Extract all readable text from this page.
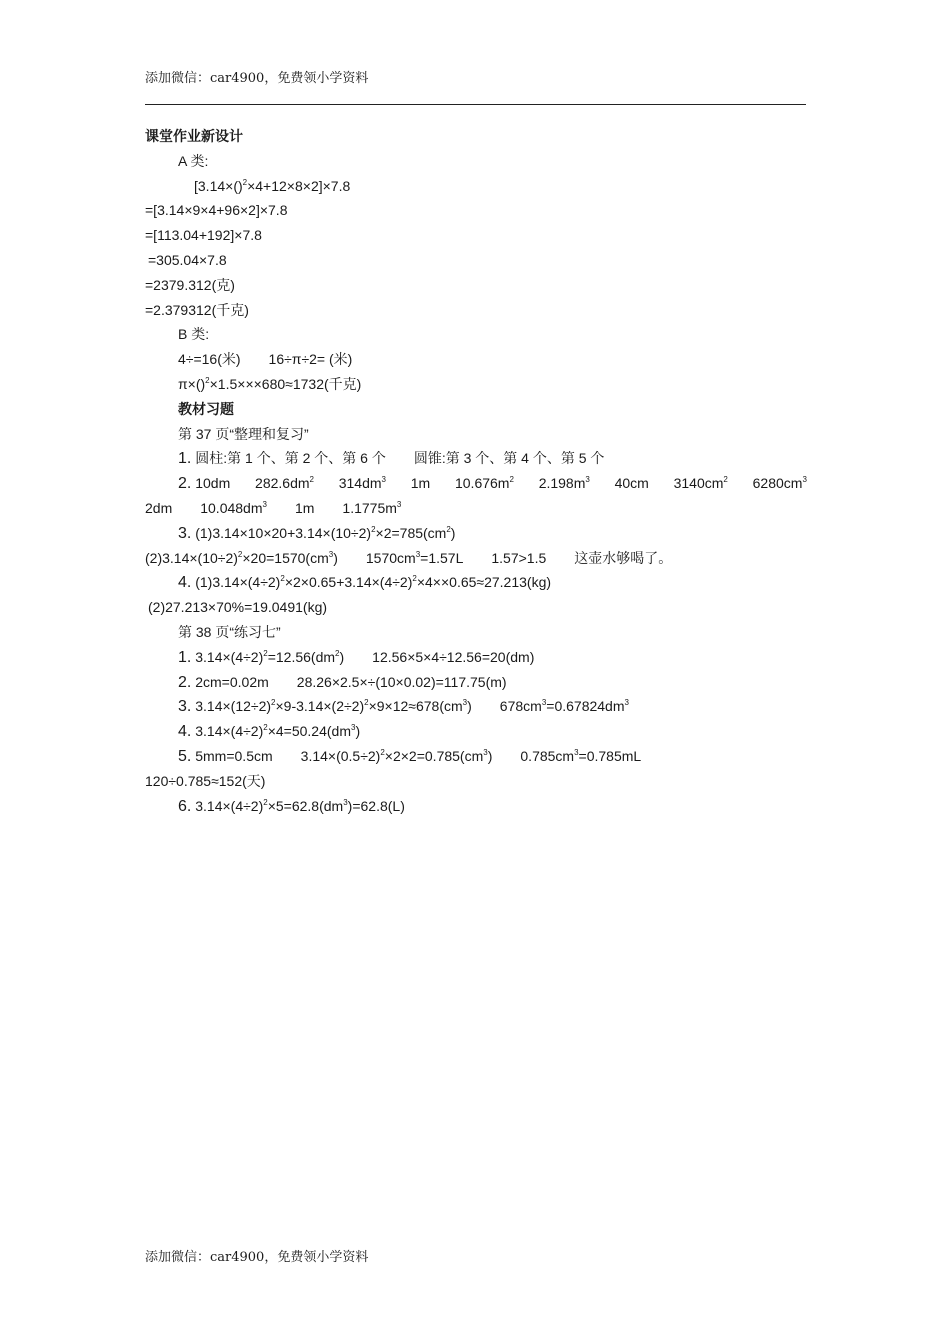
添加微信：car4900，免费领小学资料
课堂作业新设计
A 类:
[3.14×()$^2$×4+12×8×2]×7.8
=[3.14×9×4+96×2]×7.8
=[113.04+192]×7.8
=305.04×7.8
=2379.312(克)
=2.379312(千克)
B 类:
4÷=16(米) 16÷π÷2= (米)
π×()$^2$×1.5×××680≈1732(千克)
教材习题
第 37 页“整理和复习”
1. 圆柱:第 1 个、第 2 个、第 6 个 圆锥:第 3 个、第 4 个、第 5 个
2. 10dm $282.6dm^2$ $314dm^3$ 1m $10.676m^2$ $2.198m^3$ 40cm $3140cm^2$ $6280cm^3$
2dm $10.048dm^3$ 1m $1.1775m^3$
3. $(1)3.14\times 10\times 20+3.14\times(10\div 2)^2\times 2=785(cm^2)$
$(2)3.14\times(10\div 2)^2\times 20=1570(cm^3)$ $1570cm^3=1.57L$ 1.57>1.5 这壶水够喝了。
4. $(1)3.14\times(4\div 2)^2\times 2\times 0.65+3.14\times(4\div 2)^2\times 4\times\times 0.65\approx 27.213(kg)$
(2)27.213×70%=19.0491(kg)
第 38 页“练习七”
1. $3.14\times(4\div 2)^2=12.56(dm^2)$ 12.56×5×4÷12.56=20(dm)
2. 2cm=0.02m 28.26×2.5×÷(10×0.02)=117.75(m)
3. $3.14\times(12\div 2)^2\times 9-3.14\times(2\div 2)^2\times 9\times 12\approx 678(cm^3)$ $678cm^3=0.67824dm^3$
4. $3.14\times(4\div 2)^2\times 4=50.24(dm^3)$
5. 5mm=0.5cm $3.14\times(0.5\div 2)^2\times 2\times 2=0.785(cm^3)$ $0.785cm^3=0.785mL$
120÷0.785≈152(天)
6. $3.14\times(4\div 2)^2\times 5=62.8(dm^3)=62.8(L)$
添加微信：car4900，免费领小学资料
